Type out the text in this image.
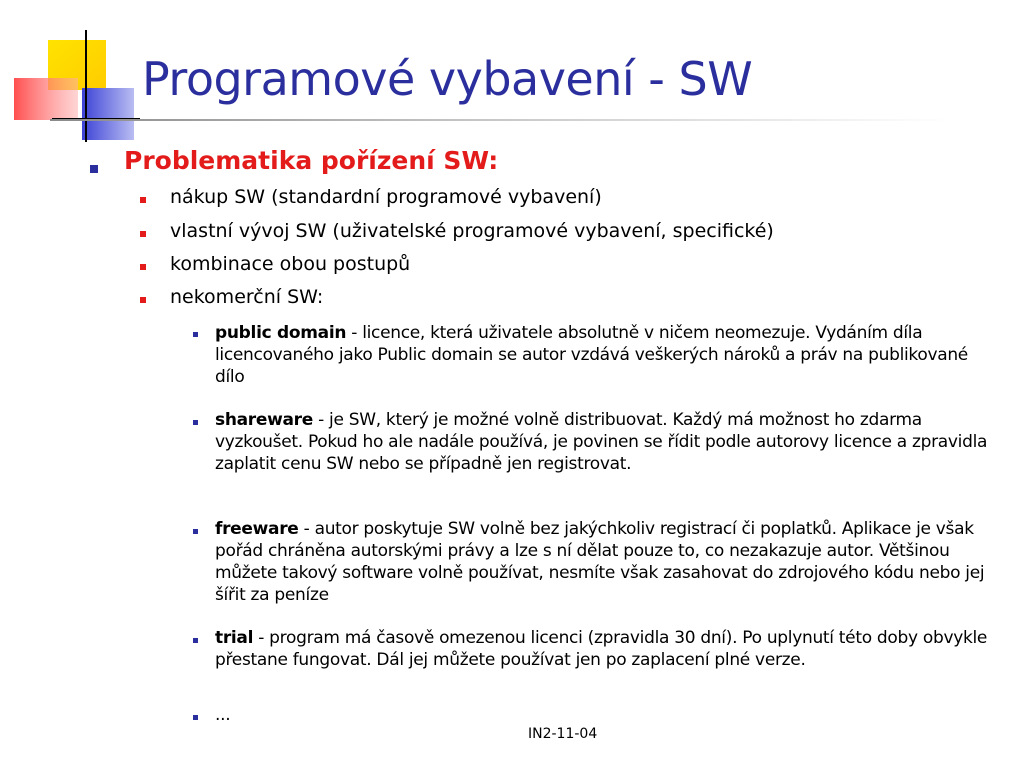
Programové vybavení - SW
Problematika pořízení SW:
nákup SW (standardní programové vybavení)
vlastní vývoj SW (uživatelské programové vybavení, specifické)
kombinace obou postupů
nekomerční SW:

public domain - licence, která uživatele absolutně v ničem neomezuje. Vydáním díla licencovaného jako Public domain se autor vzdává veškerých nároků a práv na publikované dílo

shareware - je SW, který je možné volně distribuovat. Každý má možnost ho zdarma vyzkoušet. Pokud ho ale nadále používá, je povinen se řídit podle autorovy licence a zpravidla zaplatit cenu SW nebo se případně jen registrovat.

freeware - autor poskytuje SW volně bez jakýchkoliv registrací či poplatků. Aplikace je však pořád chráněna autorskými právy a lze s ní dělat pouze to, co nezakazuje autor. Většinou můžete takový software volně používat, nesmíte však zasahovat do zdrojového kódu nebo jej šířit za peníze

trial - program má časově omezenou licenci (zpravidla 30 dní). Po uplynutí této doby obvykle přestane fungovat. Dál jej můžete používat jen po zaplacení plné verze.

...

IN2-11-04
